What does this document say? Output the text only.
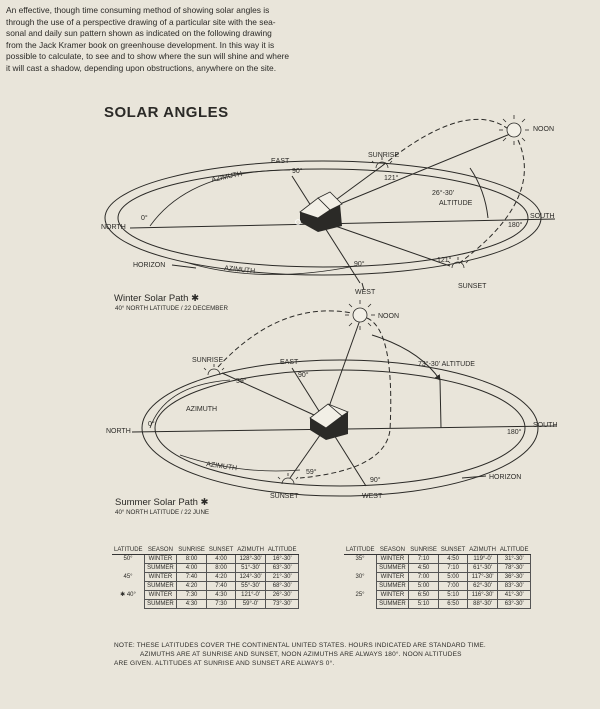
An effective, though time consuming method of showing solar angles is
through the use of a perspective drawing of a particular site with the sea-
sonal and daily sun pattern shown as indicated on the following drawing
from the Jack Kramer book on greenhouse development. In this way it is
possible to calculate, to see and to show where the sun will shine and where
it will cast a shadow, depending upon obstructions, anywhere on the site.
SOLAR ANGLES
NOON
EAST
SUNRISE
90°
AZIMUTH	121°
26°-30'
ALTITUDE
0°
NORTH
SOUTH
180°
HORIZON	AZIMUTH
90°
121°
SUNSET
WEST
Winter Solar Path ✱
40° NORTH LATITUDE / 22 DECEMBER
NOON
SUNRISE	EAST	73°-30' ALTITUDE
90°
59°
AZIMUTH
NORTH
0°
180°
SOUTH
AZIMUTH
59°
90°	HORIZON
SUNSET	WEST
Summer Solar Path ✱
40° NORTH LATITUDE / 22 JUNE
LATITUDE	SEASON	SUNRISE	SUNSET	AZIMUTH	ALTITUDE
50°	WINTER	8:00	4:00	128°-30'	16°-30'
	SUMMER	4:00	8:00	51°-30'	63°-30'
45°	WINTER	7:40	4:20	124°-30'	21°-30'
	SUMMER	4:20	7:40	55°-30'	68°-30'
✱ 40°	WINTER	7:30	4:30	121°-0'	26°-30'
	SUMMER	4:30	7:30	59°-0'	73°-30'
LATITUDE	SEASON	SUNRISE	SUNSET	AZIMUTH	ALTITUDE
35°	WINTER	7:10	4:50	119°-0'	31°-30'
	SUMMER	4:50	7:10	61°-30'	78°-30'
30°	WINTER	7:00	5:00	117°-30'	36°-30'
	SUMMER	5:00	7:00	62°-30'	83°-30'
25°	WINTER	6:50	5:10	116°-30'	41°-30'
	SUMMER	5:10	6:50	88°-30'	63°-30'
NOTE: THESE LATITUDES COVER THE CONTINENTAL UNITED STATES. HOURS INDICATED ARE STANDARD TIME.
AZIMUTHS ARE AT SUNRISE AND SUNSET, NOON AZIMUTHS ARE ALWAYS 180°. NOON ALTITUDES
ARE GIVEN. ALTITUDES AT SUNRISE AND SUNSET ARE ALWAYS 0°.
